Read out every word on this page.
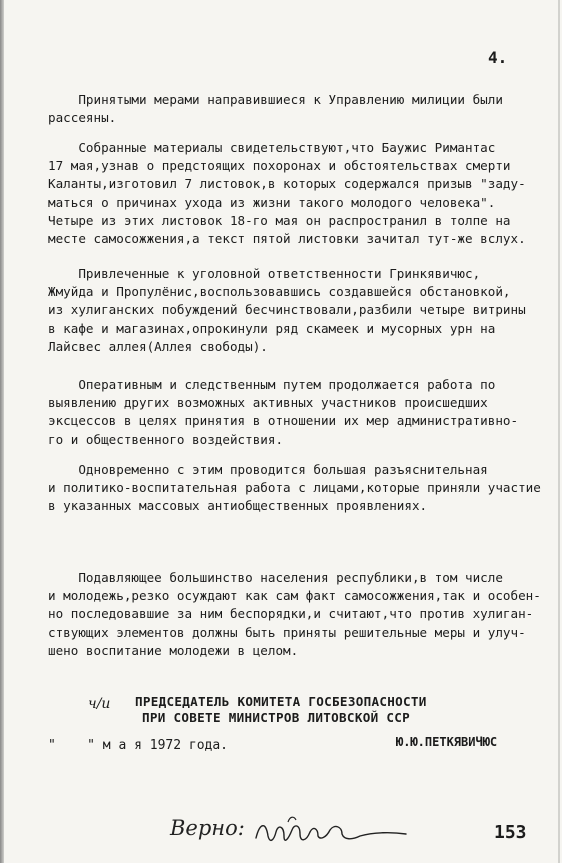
4.
Принятыми мерами направившиеся к Управлению милиции были
рассеяны.
Собранные материалы свидетельствуют,что Баужис Римантас
17 мая,узнав о предстоящих похоронах и обстоятельствах смерти
Каланты,изготовил 7 листовок,в которых содержался призыв "заду-
маться о причинах ухода из жизни такого молодого человека".
Четыре из этих листовок 18-го мая он распространил в толпе на
месте самосожжения,а текст пятой листовки зачитал тут-же вслух.
Привлеченные к уголовной ответственности Гринкявичюс,
Жмуйда и Пропулёнис,воспользовавшись создавшейся обстановкой,
из хулиганских побуждений бесчинствовали,разбили четыре витрины
в кафе и магазинах,опрокинули ряд скамеек и мусорных урн на
Лайсвес аллея(Аллея свободы).
Оперативным и следственным путем продолжается работа по
выявлению других возможных активных участников происшедших
эксцессов в целях принятия в отношении их мер административно-
го и общественного воздействия.
Одновременно с этим проводится большая разъяснительная
и политико-воспитательная работа с лицами,которые приняли участие
в указанных массовых антиобщественных проявлениях.
Подавляющее большинство населения республики,в том числе
и молодежь,резко осуждают как сам факт самосожжения,так и особен-
но последовавшие за ним беспорядки,и считают,что против хулиган-
ствующих элементов должны быть приняты решительные меры и улуч-
шено воспитание молодежи в целом.
ч/и ПРЕДСЕДАТЕЛЬ КОМИТЕТА ГОСБЕЗОПАСНОСТИ
ПРИ СОВЕТЕ МИНИСТРОВ ЛИТОВСКОЙ ССР
"    " м а я 1972 года.	Ю.Ю.ПЕТКЯВИЧЮС
Верно:	153
